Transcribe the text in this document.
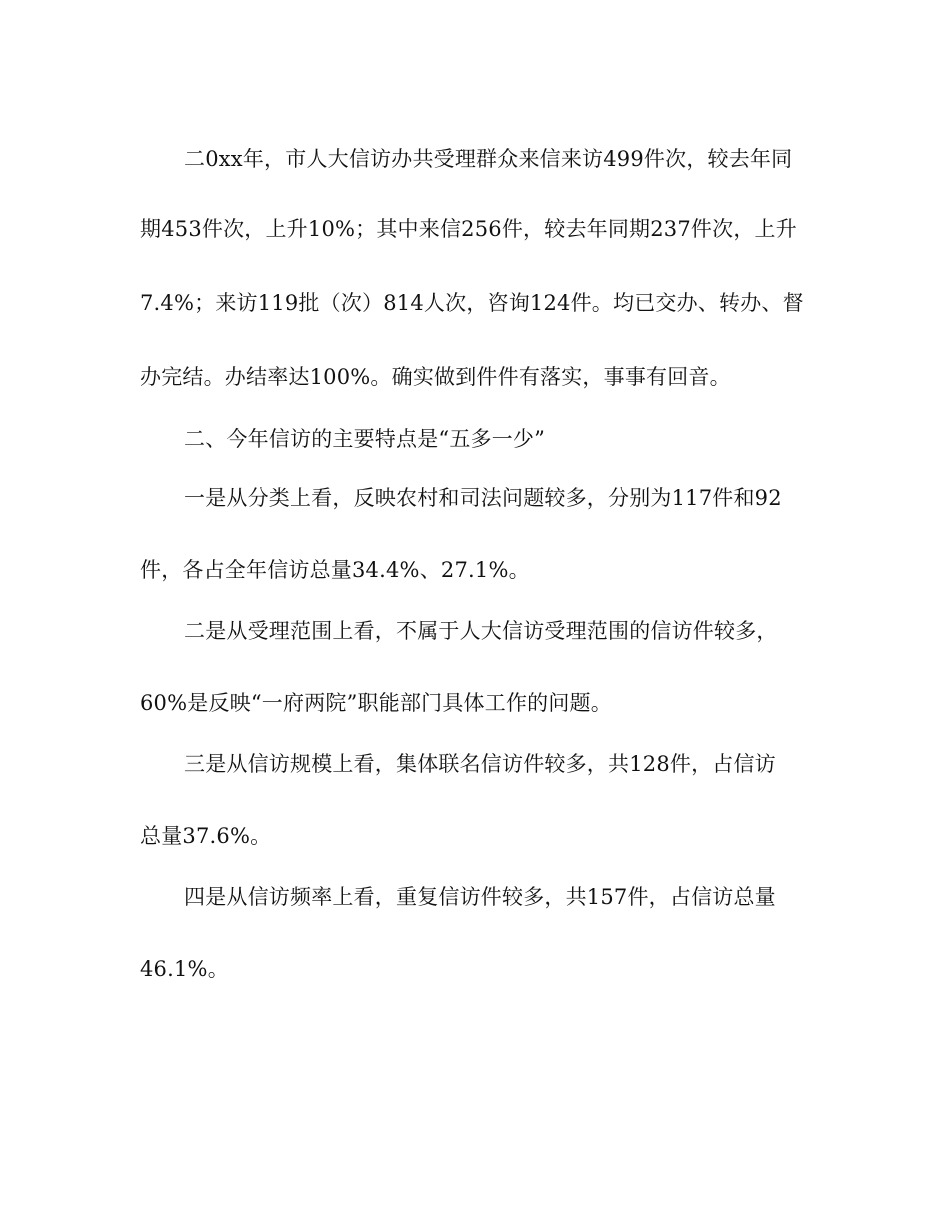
二0xx年，市人大信访办共受理群众来信来访499件次，较去年同
期453件次，上升10%；其中来信256件，较去年同期237件次，上升
7.4%；来访119批（次）814人次，咨询124件。均已交办、转办、督
办完结。办结率达100%。确实做到件件有落实，事事有回音。
二、今年信访的主要特点是“五多一少”
一是从分类上看，反映农村和司法问题较多，分别为117件和92
件，各占全年信访总量34.4%、27.1%。
二是从受理范围上看，不属于人大信访受理范围的信访件较多，
60%是反映“一府两院”职能部门具体工作的问题。
三是从信访规模上看，集体联名信访件较多，共128件，占信访
总量37.6%。
四是从信访频率上看，重复信访件较多，共157件，占信访总量
46.1%。
